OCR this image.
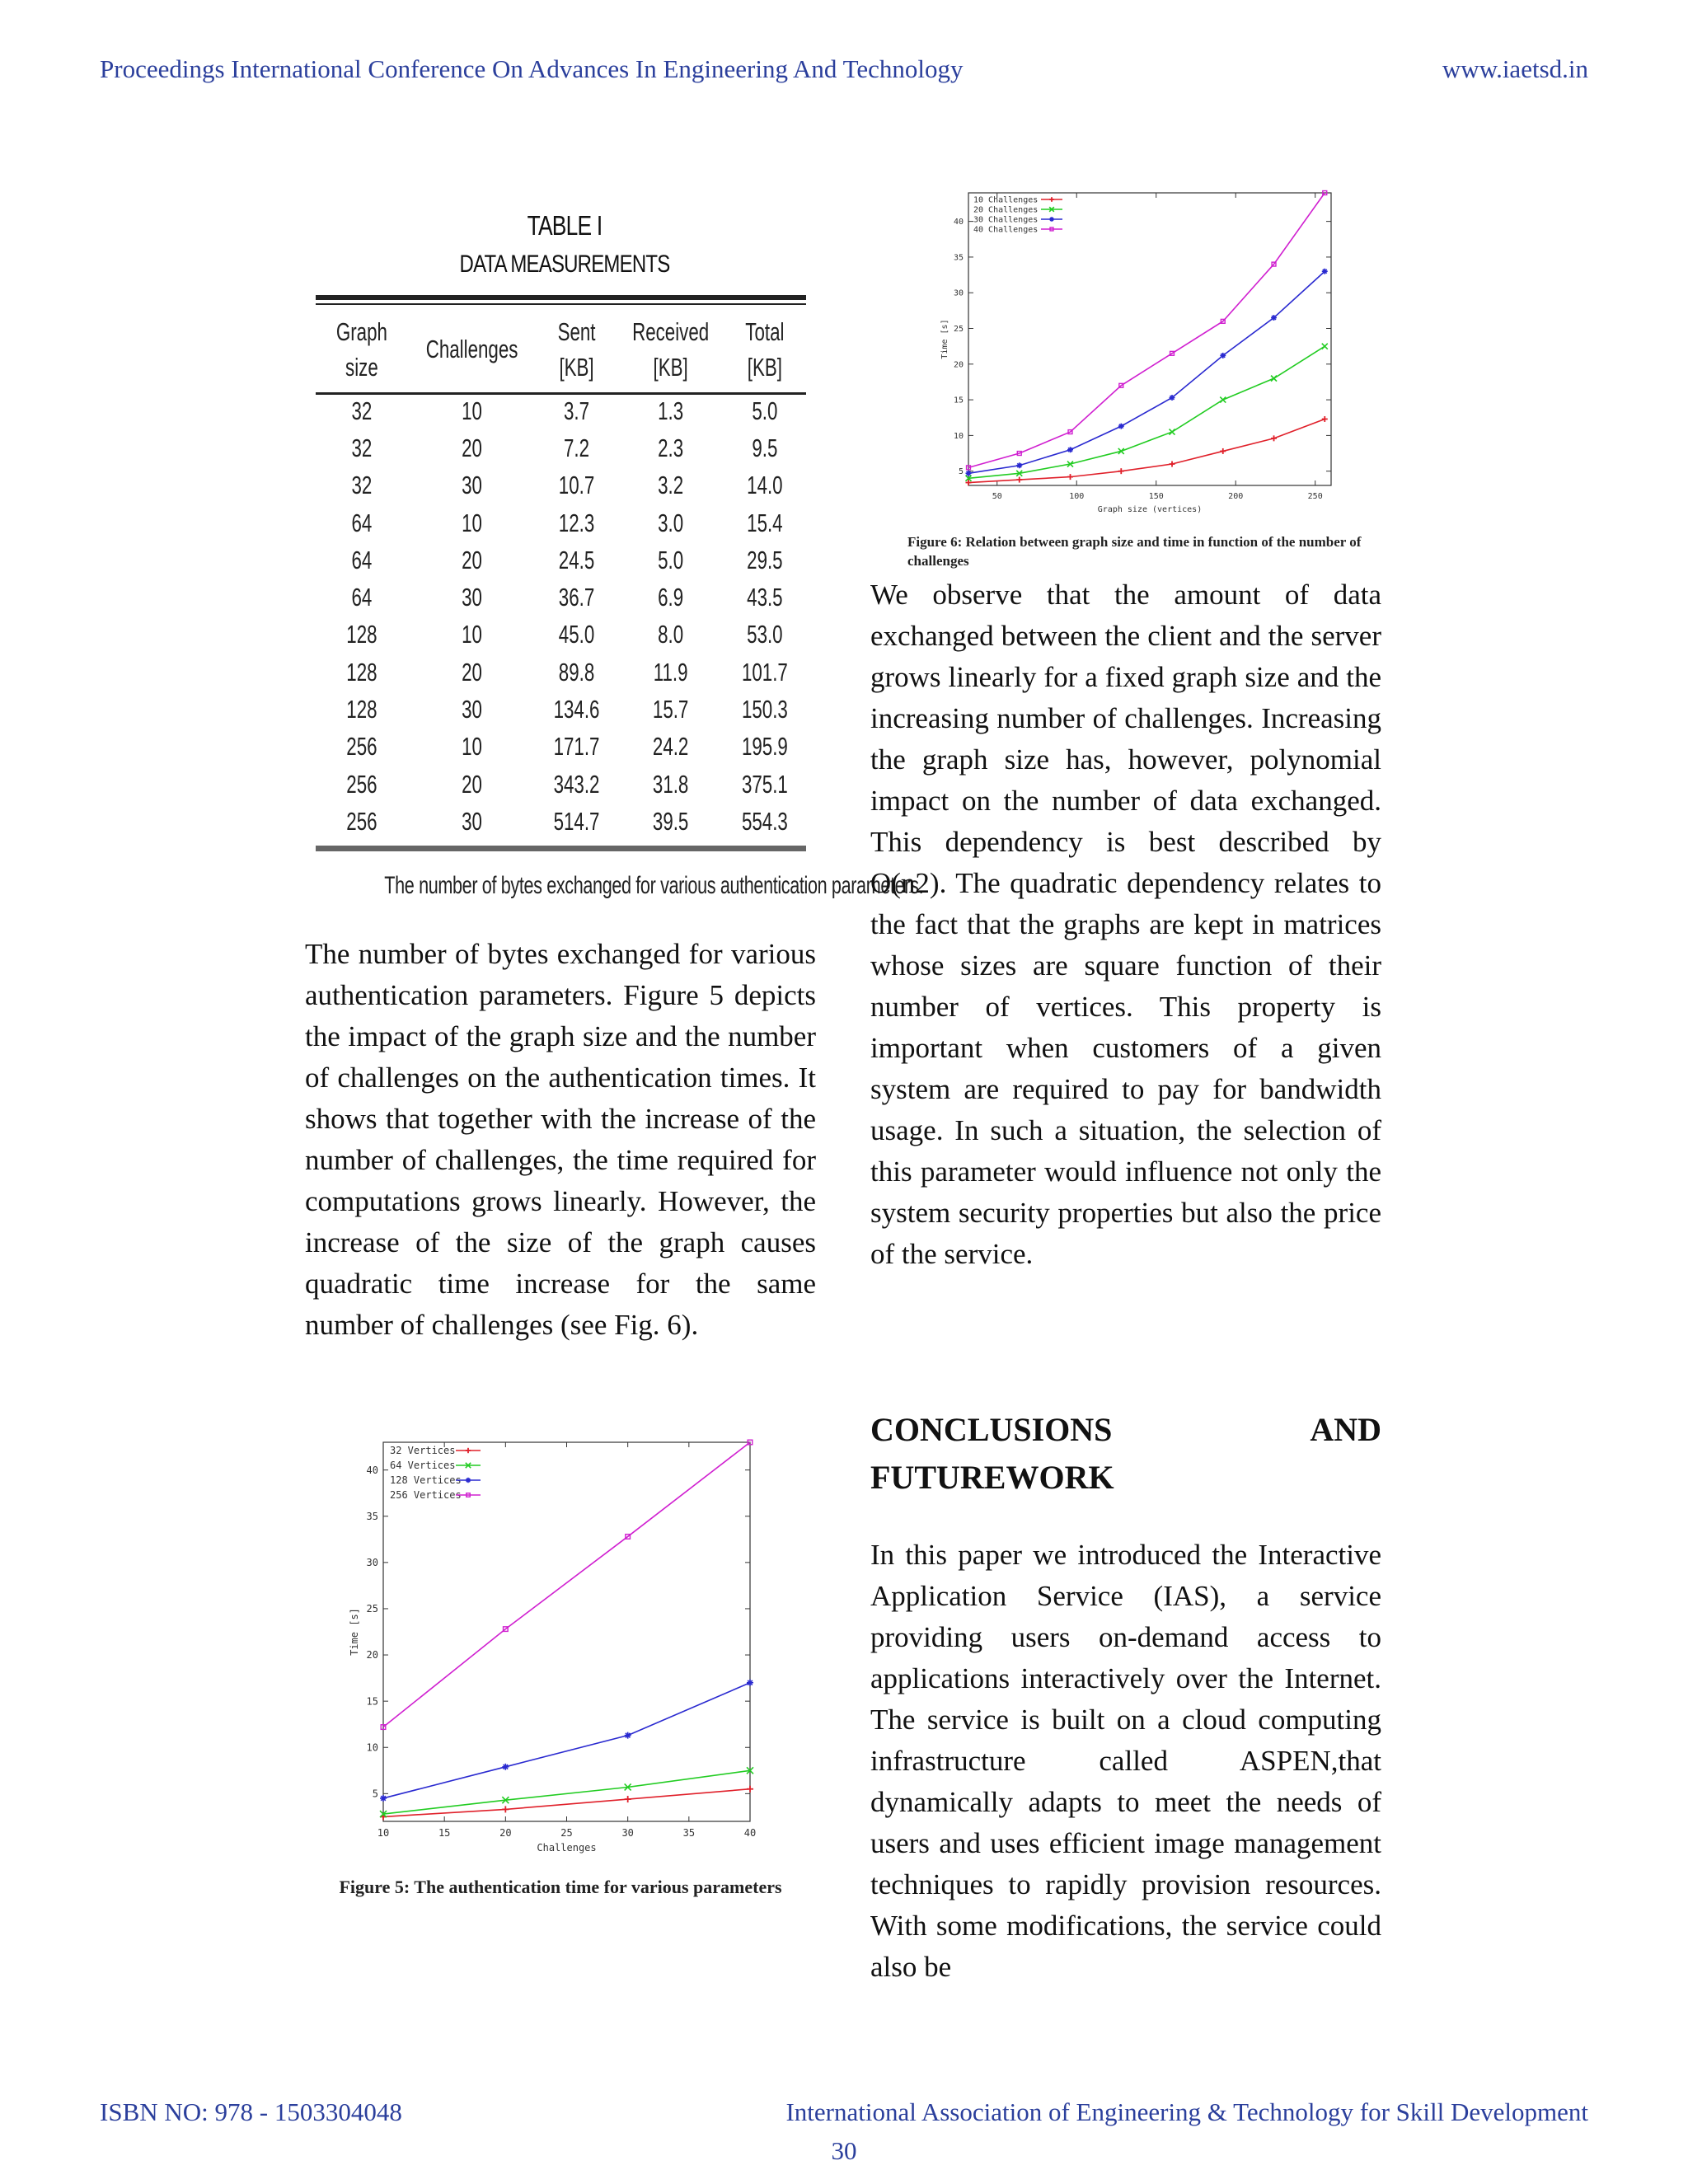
Proceedings International Conference On Advances In Engineering And Technology	www.iaetsd.in
TABLE I
DATA MEASUREMENTS
Graph size	Challenges	Sent [KB]	Received [KB]	Total [KB]
32	10	3.7	1.3	5.0
32	20	7.2	2.3	9.5
32	30	10.7	3.2	14.0
64	10	12.3	3.0	15.4
64	20	24.5	5.0	29.5
64	30	36.7	6.9	43.5
128	10	45.0	8.0	53.0
128	20	89.8	11.9	101.7
128	30	134.6	15.7	150.3
256	10	171.7	24.2	195.9
256	20	343.2	31.8	375.1
256	30	514.7	39.5	554.3
The number of bytes exchanged for various authentication parameters.
The number of bytes exchanged for various authentication parameters. Figure 5 depicts the impact of the graph size and the number of challenges on the authentication times. It shows that together with the increase of the number of challenges, the time required for computations grows linearly. However, the increase of the size of the graph causes quadratic time increase for the same number of challenges (see Fig. 6).
10	15	20	25	30	35	40
5
10
15
20
25
30
35
40
Challenges
Time [s]
32 Vertices
64 Vertices
128 Vertices
256 Vertices
Figure 5: The authentication time for various parameters
50	100	150	200	250
5
10
15
20
25
30
35
40
Graph size (vertices)
Time [s]
10 Challenges
20 Challenges
30 Challenges
40 Challenges
Figure 6: Relation between graph size and time in function of the number of challenges
We observe that the amount of data exchanged between the client and the server grows linearly for a fixed graph size and the increasing number of challenges. Increasing the graph size has, however, polynomial impact on the number of data exchanged. This dependency is best described by O(n2). The quadratic dependency relates to the fact that the graphs are kept in matrices whose sizes are square function of their number of vertices. This property is important when customers of a given system are required to pay for bandwidth usage. In such a situation, the selection of this parameter would influence not only the system security properties but also the price of the service.
CONCLUSIONS	AND
FUTUREWORK
In this paper we introduced the Interactive Application Service (IAS), a service providing users on-demand access to applications interactively over the Internet. The service is built on a cloud computing infrastructure called ASPEN,that dynamically adapts to meet the needs of users and uses efficient image management techniques to rapidly provision resources. With some modifications, the service could also be
ISBN NO: 978 - 1503304048	International Association of Engineering & Technology for Skill Development
30
